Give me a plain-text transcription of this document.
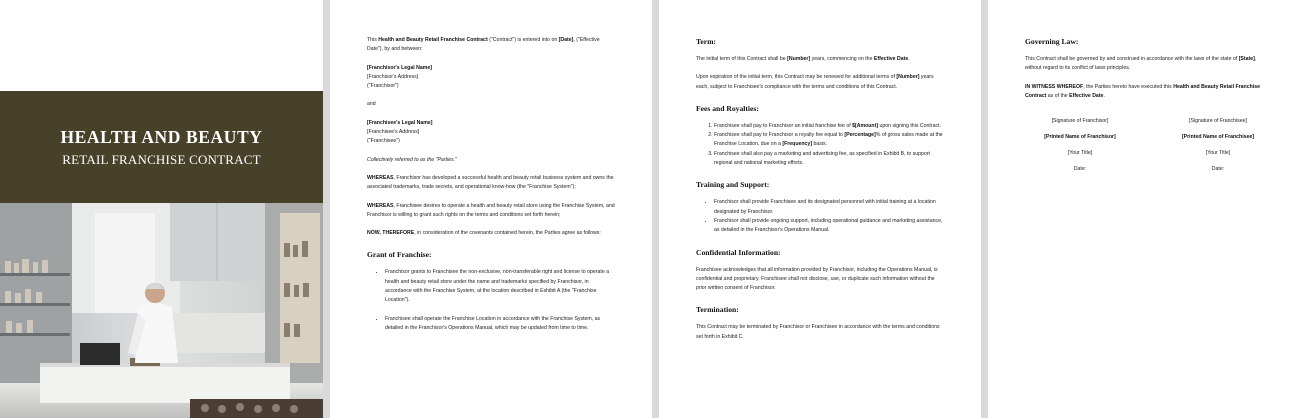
HEALTH AND BEAUTY
RETAIL FRANCHISE CONTRACT

This Health and Beauty Retail Franchise Contract ("Contract") is entered into on [Date], ("Effective Date"), by and between:

[Franchisor's Legal Name]
[Franchisor's Address]
("Franchisor")

and

[Franchisee's Legal Name]
[Franchisee's Address]
("Franchisee")

Collectively referred to as the "Parties."

WHEREAS, Franchisor has developed a successful health and beauty retail business system and owns the associated trademarks, trade secrets, and operational know-how (the "Franchise System");

WHEREAS, Franchisee desires to operate a health and beauty retail store using the Franchise System, and Franchisor is willing to grant such rights on the terms and conditions set forth herein;

NOW, THEREFORE, in consideration of the covenants contained herein, the Parties agree as follows:

Grant of Franchise:
• Franchisor grants to Franchisee the non-exclusive, non-transferable right and license to operate a health and beauty retail store under the name and trademarks specified by Franchisor, in accordance with the Franchise System, at the location described in Exhibit A (the "Franchise Location").
• Franchisee shall operate the Franchise Location in accordance with the Franchise System, as detailed in the Franchisor's Operations Manual, which may be updated from time to time.
Term:

The initial term of this Contract shall be [Number] years, commencing on the Effective Date.

Upon expiration of the initial term, this Contract may be renewed for additional terms of [Number] years each, subject to Franchisee's compliance with the terms and conditions of this Contract.

Fees and Royalties:
1. Franchisee shall pay to Franchisor an initial franchise fee of $[Amount] upon signing this Contract.
2. Franchisee shall pay to Franchisor a royalty fee equal to [Percentage]% of gross sales made at the Franchise Location, due on a [Frequency] basis.
3. Franchisee shall also pay a marketing and advertising fee, as specified in Exhibit B, to support regional and national marketing efforts.
Training and Support:
• Franchisor shall provide Franchisee and its designated personnel with initial training at a location designated by Franchisor.
• Franchisor shall provide ongoing support, including operational guidance and marketing assistance, as detailed in the Franchisor's Operations Manual.
Confidential Information:

Franchisee acknowledges that all information provided by Franchisor, including the Operations Manual, is confidential and proprietary. Franchisee shall not disclose, use, or duplicate such information without the prior written consent of Franchisor.

Termination:

This Contract may be terminated by Franchisor or Franchisee in accordance with the terms and conditions set forth in Exhibit C.

Governing Law:

This Contract shall be governed by and construed in accordance with the laws of the state of [State], without regard to its conflict of laws principles.

IN WITNESS WHEREOF, the Parties hereto have executed this Health and Beauty Retail Franchise Contract as of the Effective Date.

[Signature of Franchisor]
[Printed Name of Franchisor]
[Your Title]
Date:
[Signature of Franchisee]
[Printed Name of Franchisee]
[Your Title]
Date:
